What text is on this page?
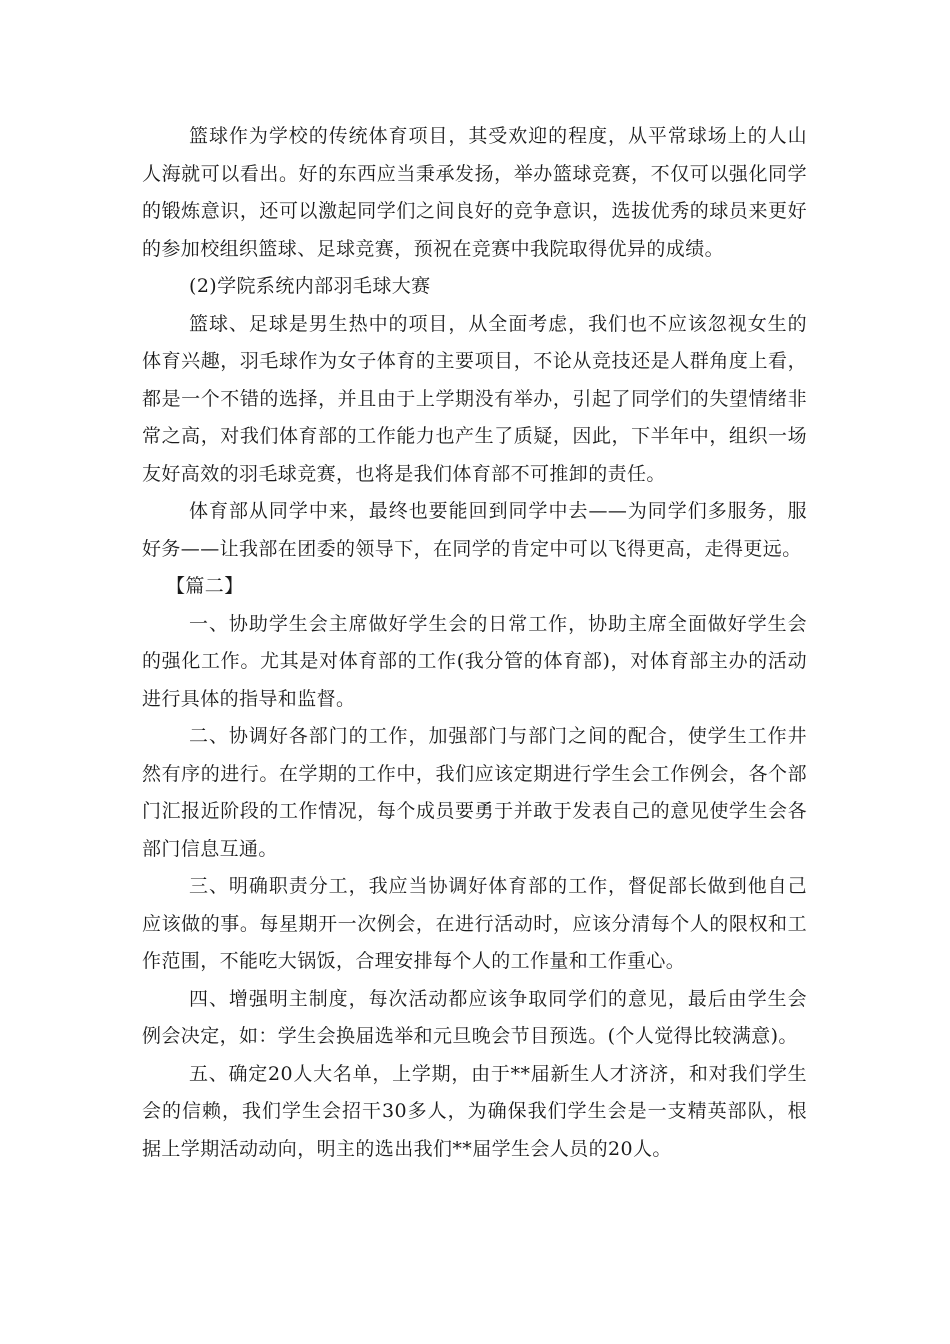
篮球作为学校的传统体育项目，其受欢迎的程度，从平常球场上的人山人海就可以看出。好的东西应当秉承发扬，举办篮球竞赛，不仅可以强化同学的锻炼意识，还可以激起同学们之间良好的竞争意识，选拔优秀的球员来更好的参加校组织篮球、足球竞赛，预祝在竞赛中我院取得优异的成绩。

(2)学院系统内部羽毛球大赛

篮球、足球是男生热中的项目，从全面考虑，我们也不应该忽视女生的体育兴趣，羽毛球作为女子体育的主要项目，不论从竞技还是人群角度上看，都是一个不错的选择，并且由于上学期没有举办，引起了同学们的失望情绪非常之高，对我们体育部的工作能力也产生了质疑，因此，下半年中，组织一场友好高效的羽毛球竞赛，也将是我们体育部不可推卸的责任。

体育部从同学中来，最终也要能回到同学中去——为同学们多服务，服好务——让我部在团委的领导下，在同学的肯定中可以飞得更高，走得更远。

【篇二】

一、协助学生会主席做好学生会的日常工作，协助主席全面做好学生会的强化工作。尤其是对体育部的工作(我分管的体育部)，对体育部主办的活动进行具体的指导和监督。

二、协调好各部门的工作，加强部门与部门之间的配合，使学生工作井然有序的进行。在学期的工作中，我们应该定期进行学生会工作例会，各个部门汇报近阶段的工作情况，每个成员要勇于并敢于发表自己的意见使学生会各部门信息互通。

三、明确职责分工，我应当协调好体育部的工作，督促部长做到他自己应该做的事。每星期开一次例会，在进行活动时，应该分清每个人的限权和工作范围，不能吃大锅饭，合理安排每个人的工作量和工作重心。

四、增强明主制度，每次活动都应该争取同学们的意见，最后由学生会例会决定，如：学生会换届选举和元旦晚会节目预选。(个人觉得比较满意)。

五、确定20人大名单，上学期，由于**届新生人才济济，和对我们学生会的信赖，我们学生会招干30多人，为确保我们学生会是一支精英部队，根据上学期活动动向，明主的选出我们**届学生会人员的20人。
